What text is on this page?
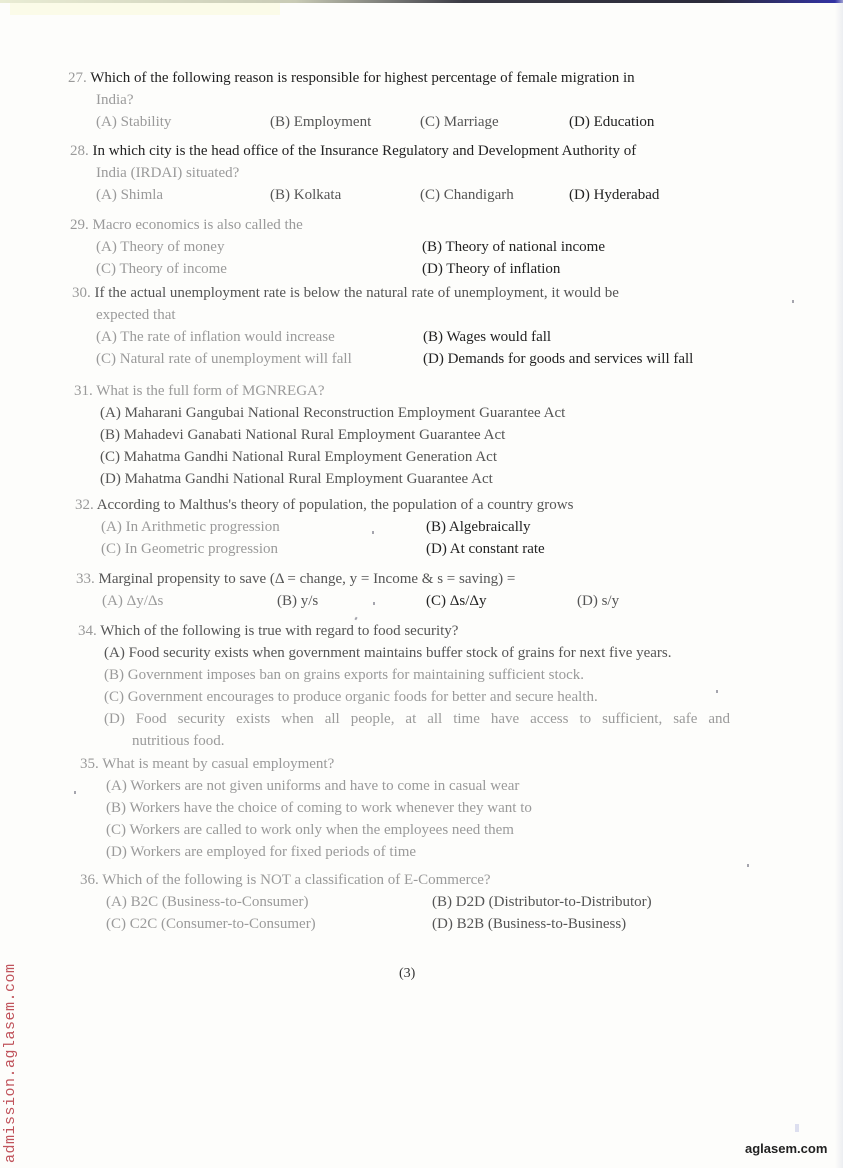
27. Which of the following reason is responsible for highest percentage of female migration in
India?
(A) Stability	(B) Employment	(C) Marriage	(D) Education
28. In which city is the head office of the Insurance Regulatory and Development Authority of
India (IRDAI) situated?
(A) Shimla	(B) Kolkata	(C) Chandigarh	(D) Hyderabad
29. Macro economics is also called the
(A) Theory of money	(B) Theory of national income
(C) Theory of income	(D) Theory of inflation
30. If the actual unemployment rate is below the natural rate of unemployment, it would be
expected that
(A) The rate of inflation would increase	(B) Wages would fall
(C) Natural rate of unemployment will fall	(D) Demands for goods and services will fall
31. What is the full form of MGNREGA?
(A) Maharani Gangubai National Reconstruction Employment Guarantee Act
(B) Mahadevi Ganabati National Rural Employment Guarantee Act
(C) Mahatma Gandhi National Rural Employment Generation Act
(D) Mahatma Gandhi National Rural Employment Guarantee Act
32. According to Malthus's theory of population, the population of a country grows
(A) In Arithmetic progression	(B) Algebraically
(C) In Geometric progression	(D) At constant rate
33. Marginal propensity to save (Δ = change, y = Income & s = saving) =
(A) Δy/Δs	(B) y/s	(C) Δs/Δy	(D) s/y
34. Which of the following is true with regard to food security?
(A) Food security exists when government maintains buffer stock of grains for next five years.
(B) Government imposes ban on grains exports for maintaining sufficient stock.
(C) Government encourages to produce organic foods for better and secure health.
(D) Food security exists when all people, at all time have access to sufficient, safe and
nutritious food.
35. What is meant by casual employment?
(A) Workers are not given uniforms and have to come in casual wear
(B) Workers have the choice of coming to work whenever they want to
(C) Workers are called to work only when the employees need them
(D) Workers are employed for fixed periods of time
36. Which of the following is NOT a classification of E-Commerce?
(A) B2C (Business-to-Consumer)	(B) D2D (Distributor-to-Distributor)
(C) C2C (Consumer-to-Consumer)	(D) B2B (Business-to-Business)
(3)
admission.aglasem.com	aglasem.com
